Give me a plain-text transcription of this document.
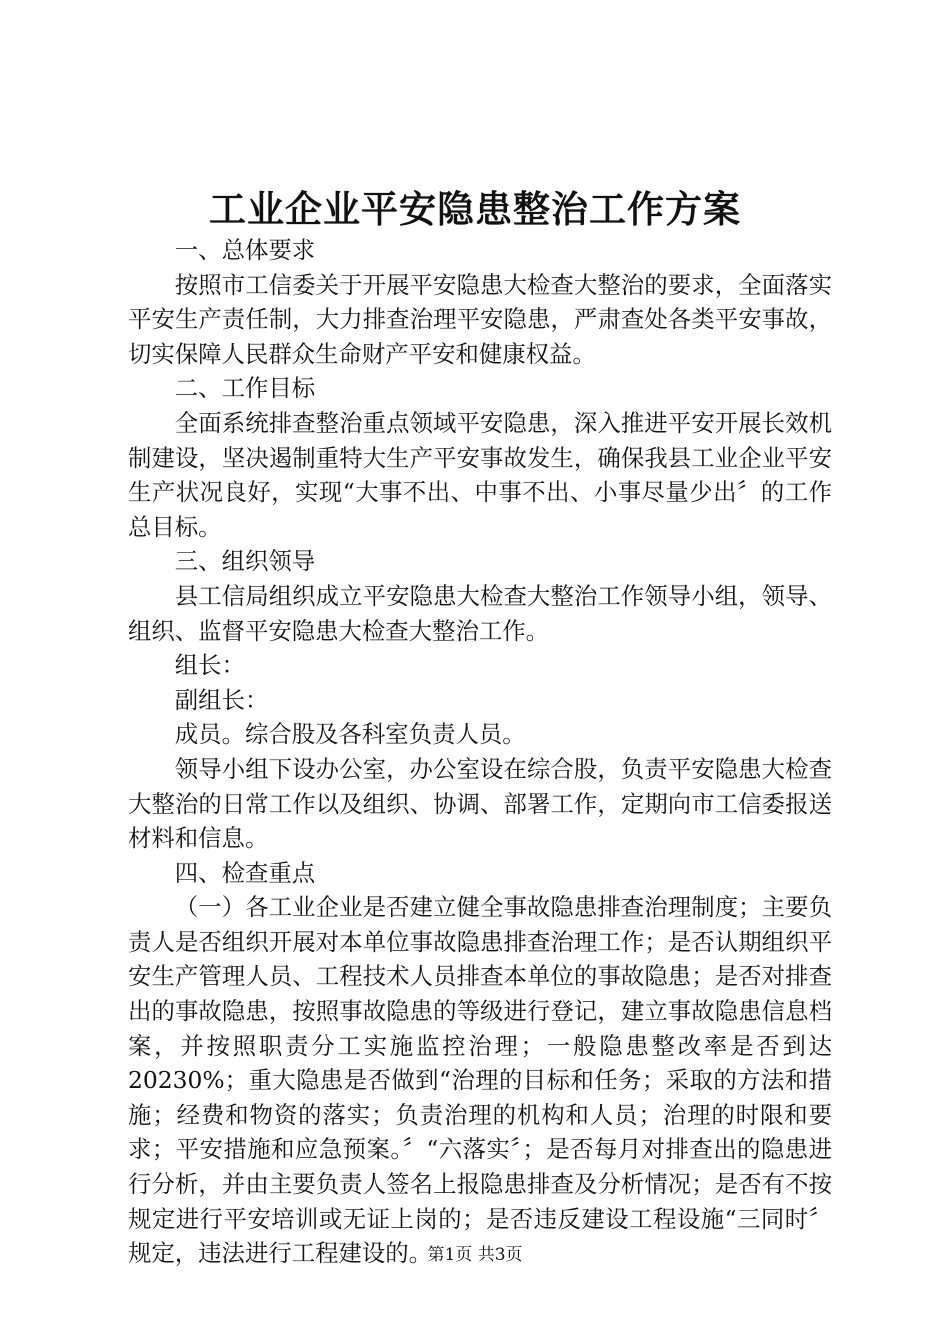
工业企业平安隐患整治工作方案

一、总体要求

按照市工信委关于开展平安隐患大检查大整治的要求，全面落实平安生产责任制，大力排查治理平安隐患，严肃查处各类平安事故，切实保障人民群众生命财产平安和健康权益。

二、工作目标

全面系统排查整治重点领域平安隐患，深入推进平安开展长效机制建设，坚决遏制重特大生产平安事故发生，确保我县工业企业平安生产状况良好，实现“大事不出、中事不出、小事尽量少出〞的工作总目标。

三、组织领导

县工信局组织成立平安隐患大检查大整治工作领导小组，领导、组织、监督平安隐患大检查大整治工作。

组长：

副组长：

成员。综合股及各科室负责人员。

领导小组下设办公室，办公室设在综合股，负责平安隐患大检查大整治的日常工作以及组织、协调、部署工作，定期向市工信委报送材料和信息。

四、检查重点

（一）各工业企业是否建立健全事故隐患排查治理制度；主要负责人是否组织开展对本单位事故隐患排查治理工作；是否认期组织平安生产管理人员、工程技术人员排查本单位的事故隐患；是否对排查出的事故隐患，按照事故隐患的等级进行登记，建立事故隐患信息档案，并按照职责分工实施监控治理；一般隐患整改率是否到达20230%；重大隐患是否做到“治理的目标和任务；采取的方法和措施；经费和物资的落实；负责治理的机构和人员；治理的时限和要求；平安措施和应急预案。〞“六落实〞；是否每月对排查出的隐患进行分析，并由主要负责人签名上报隐患排查及分析情况；是否有不按规定进行平安培训或无证上岗的；是否违反建设工程设施“三同时〞规定，违法进行工程建设的。

第1页 共3页
